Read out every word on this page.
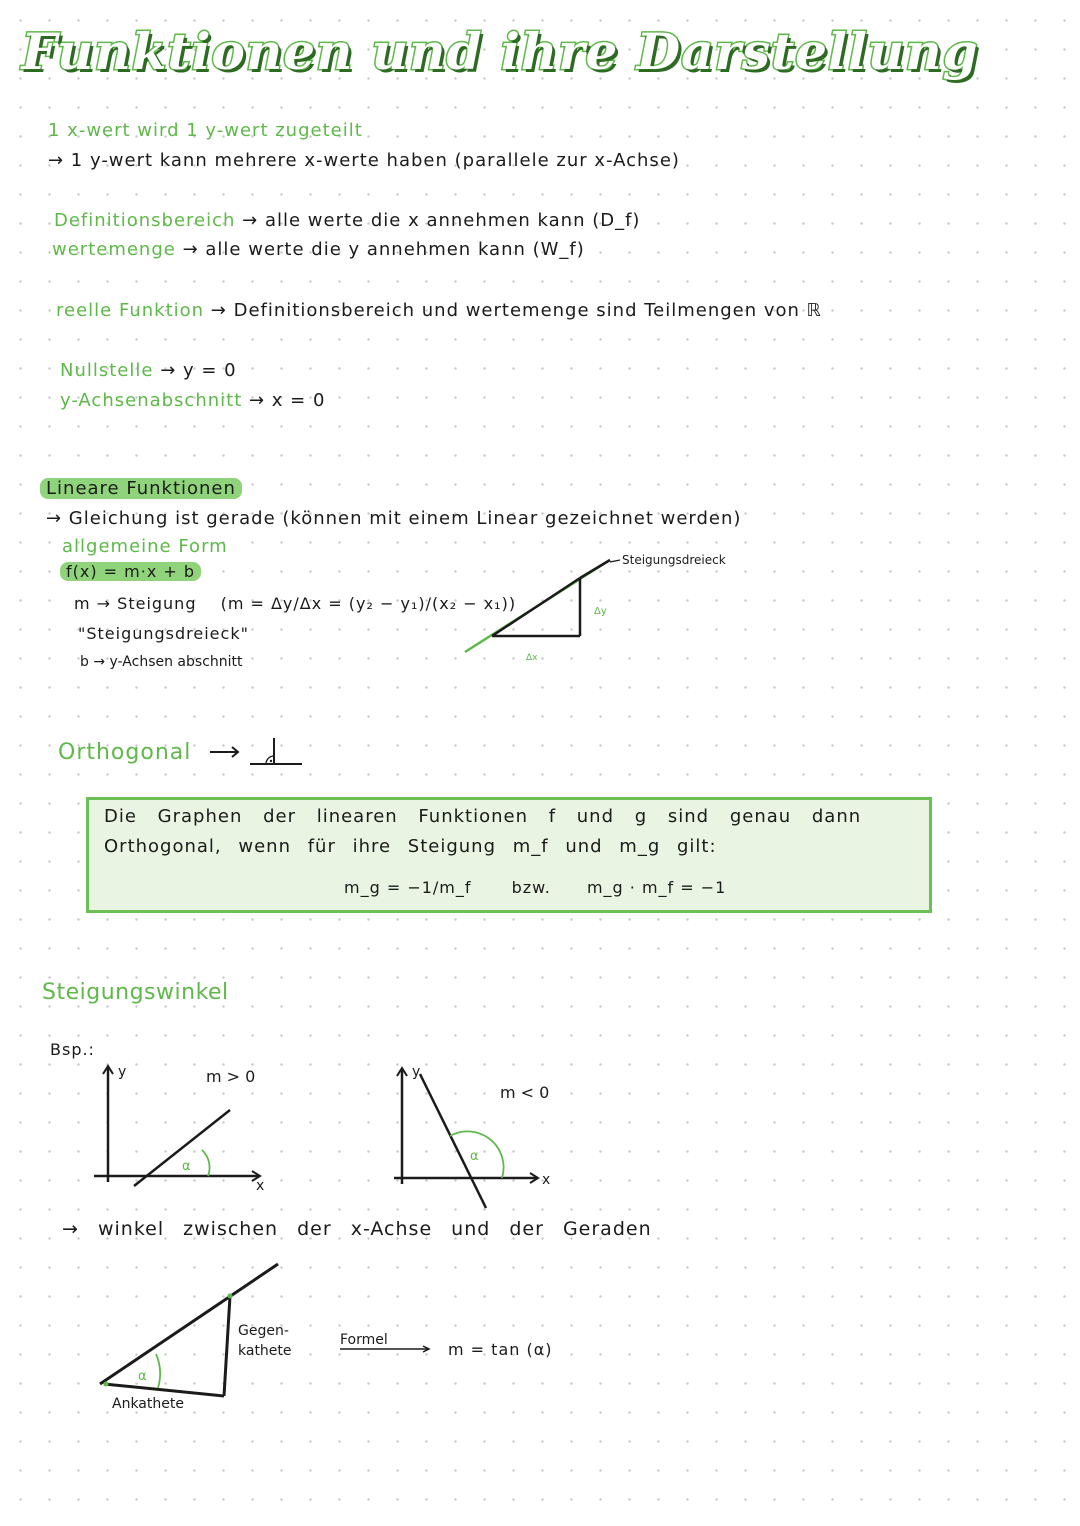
Funktionen und ihre Darstellung
1 x-wert wird 1 y-wert zugeteilt
→ 1 y-wert kann mehrere x-werte haben (parallele zur x-Achse)
Definitionsbereich → alle werte die x annehmen kann (D_f)
wertemenge → alle werte die y annehmen kann (W_f)
reelle Funktion → Definitionsbereich und wertemenge sind Teilmengen von ℝ
Nullstelle → y = 0
y-Achsenabschnitt → x = 0
Lineare Funktionen
→ Gleichung ist gerade (können mit einem Linear gezeichnet werden)
allgemeine Form
f(x) = m·x + b
m → Steigung (m = Δy/Δx = (y₂ − y₁)/(x₂ − x₁))
"Steigungsdreieck"
b → y-Achsen abschnitt
Steigungsdreieck
Δy
Δx
Orthogonal
Die Graphen der linearen Funktionen f und g sind genau dann
Orthogonal, wenn für ihre Steigung m_f und m_g gilt:
m_g = −1/m_f	bzw. m_g · m_f = −1
Steigungswinkel
Bsp.:
y
x
α
m > 0	y
x
α
m < 0
→ winkel zwischen der x-Achse und der Geraden
α
Gegen-
kathete
Ankathete
Formel	m = tan (α)
